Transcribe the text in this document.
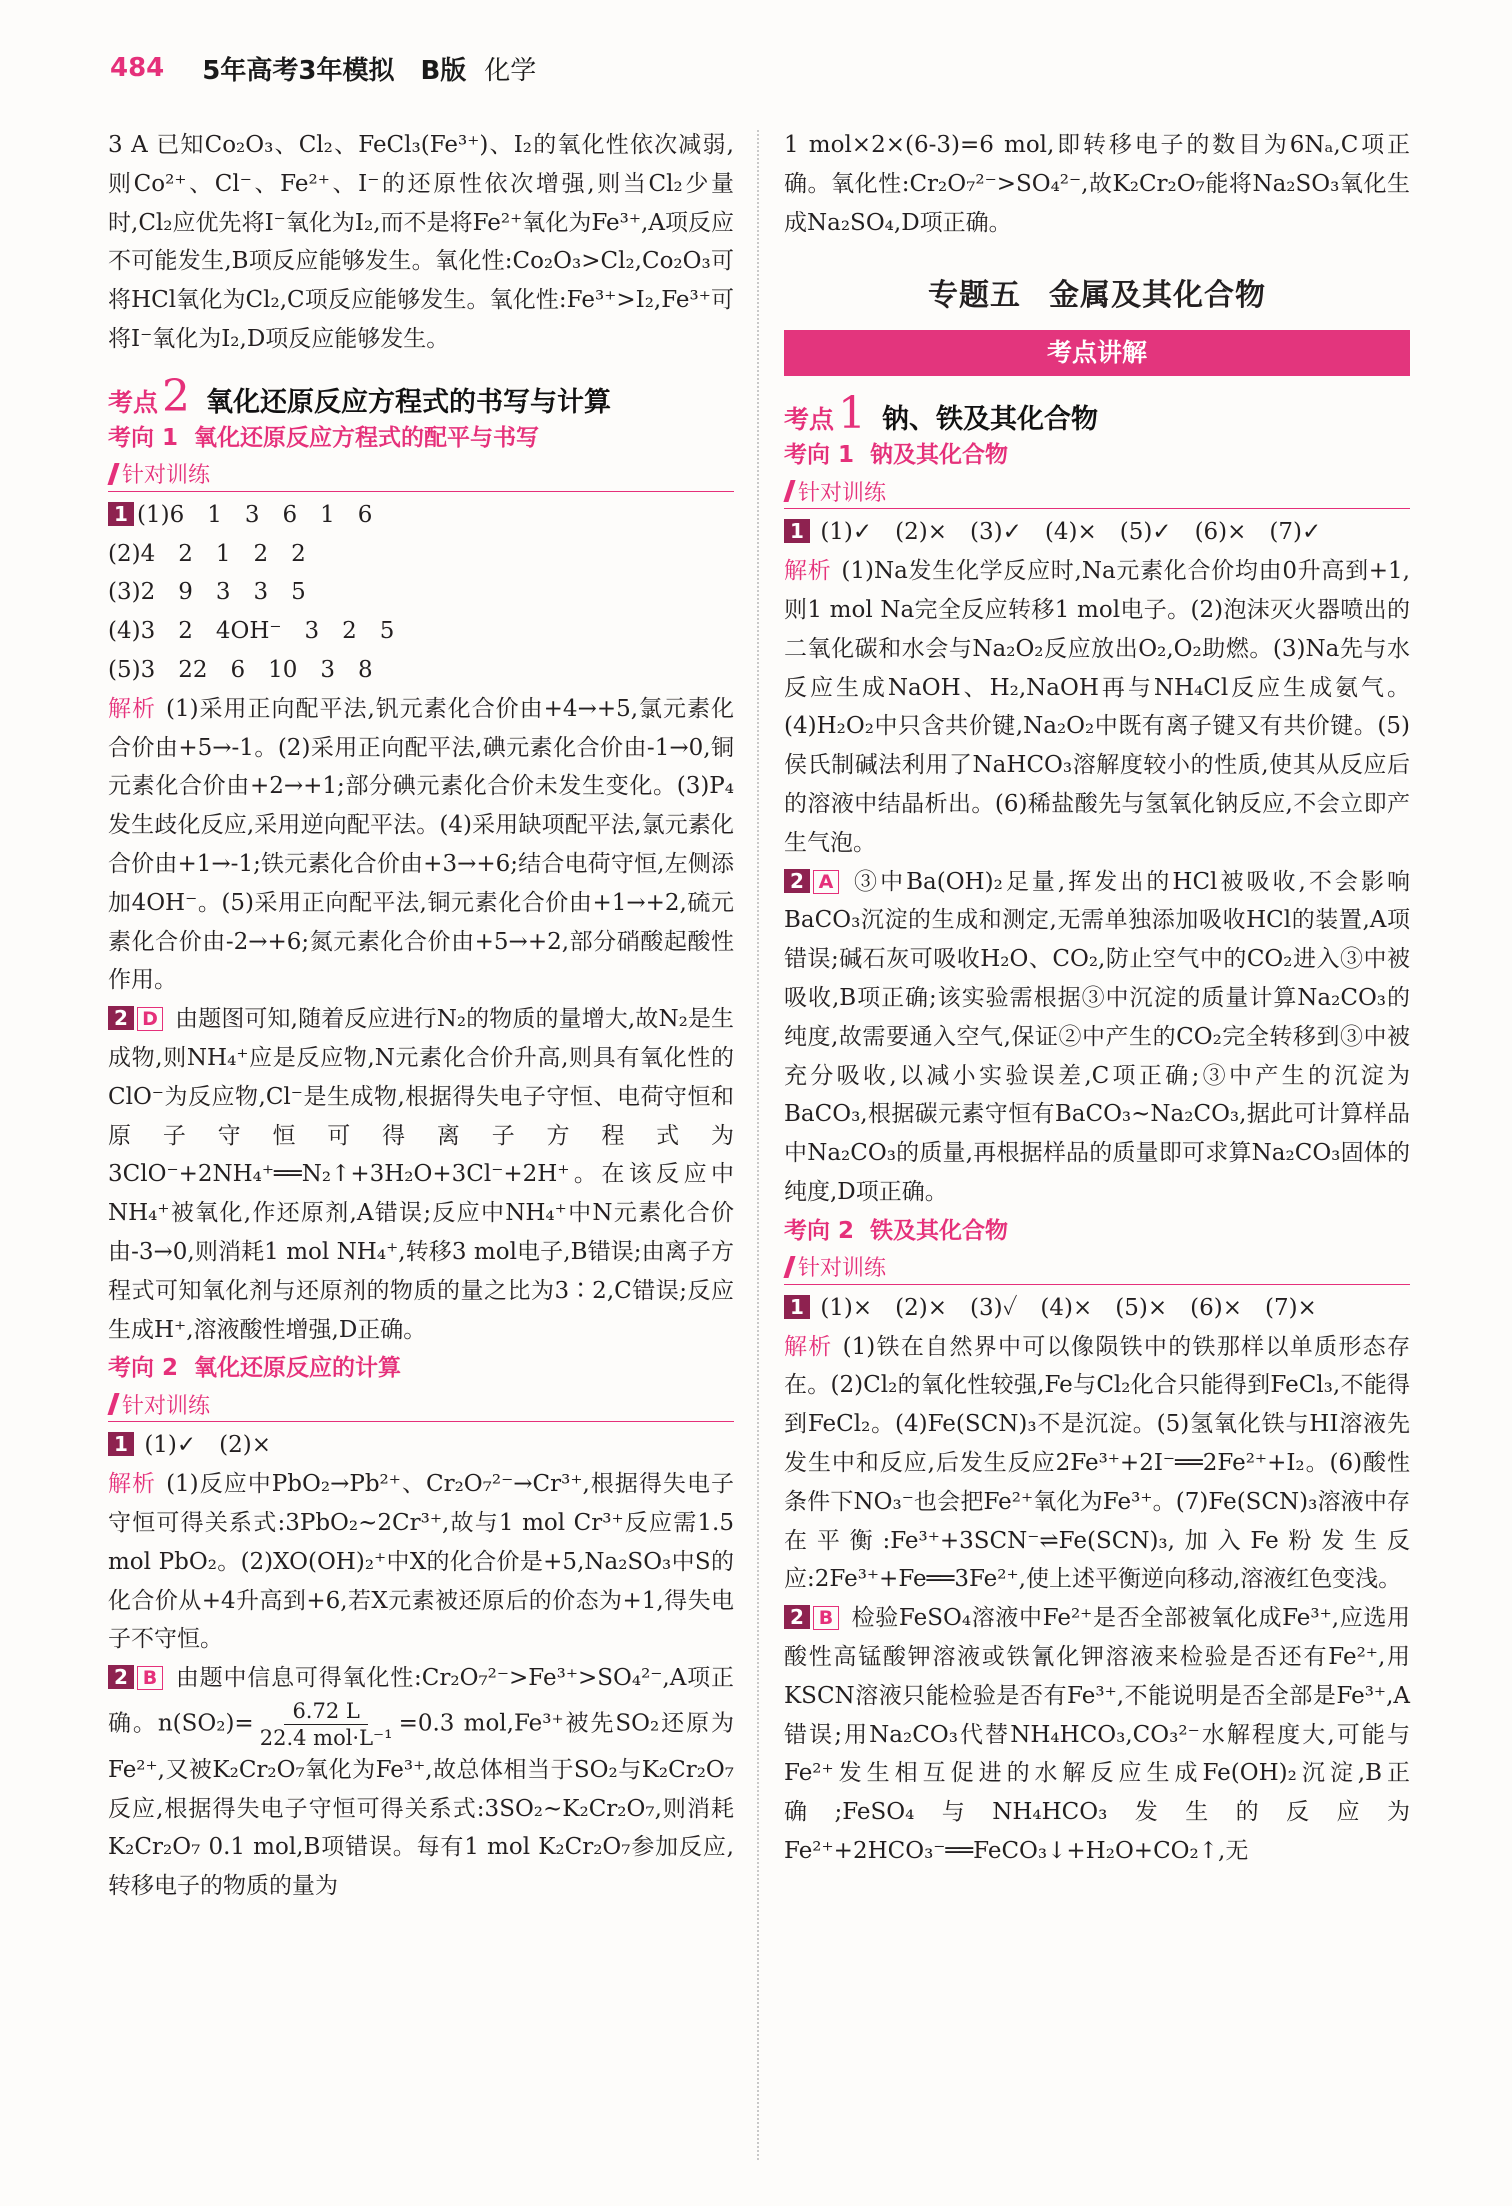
484 5年高考3年模拟　B版 化学

3 A 已知Co₂O₃、Cl₂、FeCl₃(Fe³⁺)、I₂的氧化性依次减弱,则Co²⁺、Cl⁻、Fe²⁺、I⁻的还原性依次增强,则当Cl₂少量时,Cl₂应优先将I⁻氧化为I₂,而不是将Fe²⁺氧化为Fe³⁺,A项反应不可能发生,B项反应能够发生。氧化性:Co₂O₃>Cl₂,Co₂O₃可将HCl氧化为Cl₂,C项反应能够发生。氧化性:Fe³⁺>I₂,Fe³⁺可将I⁻氧化为I₂,D项反应能够发生。

考点 2 氧化还原反应方程式的书写与计算
考向 1 氧化还原反应方程式的配平与书写
针对训练
1 (1)6　1　3　6　1　6
(2)4　2　1　2　2
(3)2　9　3　3　5
(4)3　2　4OH⁻　3　2　5
(5)3　22　6　10　3　8

解析 (1)采用正向配平法,钒元素化合价由+4→+5,氯元素化合价由+5→-1。(2)采用正向配平法,碘元素化合价由-1→0,铜元素化合价由+2→+1;部分碘元素化合价未发生变化。(3)P₄发生歧化反应,采用逆向配平法。(4)采用缺项配平法,氯元素化合价由+1→-1;铁元素化合价由+3→+6;结合电荷守恒,左侧添加4OH⁻。(5)采用正向配平法,铜元素化合价由+1→+2,硫元素化合价由-2→+6;氮元素化合价由+5→+2,部分硝酸起酸性作用。

2 D 由题图可知,随着反应进行N₂的物质的量增大,故N₂是生成物,则NH₄⁺应是反应物,N元素化合价升高,则具有氧化性的ClO⁻为反应物,Cl⁻是生成物,根据得失电子守恒、电荷守恒和原子守恒可得离子方程式为3ClO⁻+2NH₄⁺══N₂↑+3H₂O+3Cl⁻+2H⁺。在该反应中NH₄⁺被氧化,作还原剂,A错误;反应中NH₄⁺中N元素化合价由-3→0,则消耗1 mol NH₄⁺,转移3 mol电子,B错误;由离子方程式可知氧化剂与还原剂的物质的量之比为3∶2,C错误;反应生成H⁺,溶液酸性增强,D正确。

考向 2 氧化还原反应的计算
针对训练

1 (1)✓　(2)×

解析 (1)反应中PbO₂→Pb²⁺、Cr₂O₇²⁻→Cr³⁺,根据得失电子守恒可得关系式:3PbO₂~2Cr³⁺,故与1 mol Cr³⁺反应需1.5 mol PbO₂。(2)XO(OH)₂⁺中X的化合价是+5,Na₂SO₃中S的化合价从+4升高到+6,若X元素被还原后的价态为+1,得失电子不守恒。

2 B 由题中信息可得氧化性:Cr₂O₇²⁻>Fe³⁺>SO₄²⁻,A项正确。$n(SO_2)= \frac{6.72 L}{\text{22.4 mol·L⁻¹}} =0.3$ mol,Fe³⁺被先SO₂还原为Fe²⁺,又被K₂Cr₂O₇氧化为Fe³⁺,故总体相当于SO₂与K₂Cr₂O₇反应,根据得失电子守恒可得关系式:3SO₂~K₂Cr₂O₇,则消耗K₂Cr₂O₇ 0.1 mol,B项错误。每有1 mol K₂Cr₂O₇参加反应,转移电子的物质的量为

1 mol×2×(6-3)=6 mol,即转移电子的数目为6Nₐ,C项正确。氧化性:Cr₂O₇²⁻>SO₄²⁻,故K₂Cr₂O₇能将Na₂SO₃氧化生成Na₂SO₄,D项正确。

专题五 金属及其化合物
考点讲解
考点 1 钠、铁及其化合物
考向 1 钠及其化合物
针对训练

1 (1)✓　(2)×　(3)✓　(4)×　(5)✓　(6)×　(7)✓

解析 (1)Na发生化学反应时,Na元素化合价均由0升高到+1,则1 mol Na完全反应转移1 mol电子。(2)泡沫灭火器喷出的二氧化碳和水会与Na₂O₂反应放出O₂,O₂助燃。(3)Na先与水反应生成NaOH、H₂,NaOH再与NH₄Cl反应生成氨气。(4)H₂O₂中只含共价键,Na₂O₂中既有离子键又有共价键。(5)侯氏制碱法利用了NaHCO₃溶解度较小的性质,使其从反应后的溶液中结晶析出。(6)稀盐酸先与氢氧化钠反应,不会立即产生气泡。

2 A ③中Ba(OH)₂足量,挥发出的HCl被吸收,不会影响BaCO₃沉淀的生成和测定,无需单独添加吸收HCl的装置,A项错误;碱石灰可吸收H₂O、CO₂,防止空气中的CO₂进入③中被吸收,B项正确;该实验需根据③中沉淀的质量计算Na₂CO₃的纯度,故需要通入空气,保证②中产生的CO₂完全转移到③中被充分吸收,以减小实验误差,C项正确;③中产生的沉淀为BaCO₃,根据碳元素守恒有BaCO₃~Na₂CO₃,据此可计算样品中Na₂CO₃的质量,再根据样品的质量即可求算Na₂CO₃固体的纯度,D项正确。

考向 2 铁及其化合物
针对训练

1 (1)×　(2)×　(3)✓　(4)×　(5)×　(6)×　(7)×

解析 (1)铁在自然界中可以像陨铁中的铁那样以单质形态存在。(2)Cl₂的氧化性较强,Fe与Cl₂化合只能得到FeCl₃,不能得到FeCl₂。(4)Fe(SCN)₃不是沉淀。(5)氢氧化铁与HI溶液先发生中和反应,后发生反应2Fe³⁺+2I⁻══2Fe²⁺+I₂。(6)酸性条件下NO₃⁻也会把Fe²⁺氧化为Fe³⁺。(7)Fe(SCN)₃溶液中存在平衡:Fe³⁺+3SCN⁻⇌Fe(SCN)₃,加入Fe粉发生反应:2Fe³⁺+Fe══3Fe²⁺,使上述平衡逆向移动,溶液红色变浅。

2 B 检验FeSO₄溶液中Fe²⁺是否全部被氧化成Fe³⁺,应选用酸性高锰酸钾溶液或铁氰化钾溶液来检验是否还有Fe²⁺,用KSCN溶液只能检验是否有Fe³⁺,不能说明是否全部是Fe³⁺,A错误;用Na₂CO₃代替NH₄HCO₃,CO₃²⁻水解程度大,可能与Fe²⁺发生相互促进的水解反应生成Fe(OH)₂沉淀,B正确;FeSO₄与NH₄HCO₃发生的反应为Fe²⁺+2HCO₃⁻══FeCO₃↓+H₂O+CO₂↑,无
